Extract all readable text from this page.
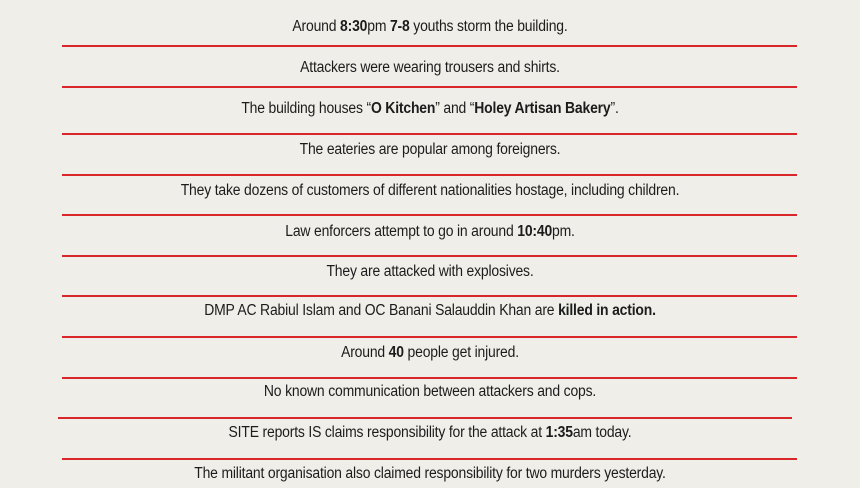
Around 8:30pm 7-8 youths storm the building.
Attackers were wearing trousers and shirts.
The building houses “O Kitchen” and “Holey Artisan Bakery”.
The eateries are popular among foreigners.
They take dozens of customers of different nationalities hostage, including children.
Law enforcers attempt to go in around 10:40pm.
They are attacked with explosives.
DMP AC Rabiul Islam and OC Banani Salauddin Khan are killed in action.
Around 40 people get injured.
No known communication between attackers and cops.
SITE reports IS claims responsibility for the attack at 1:35am today.
The militant organisation also claimed responsibility for two murders yesterday.
